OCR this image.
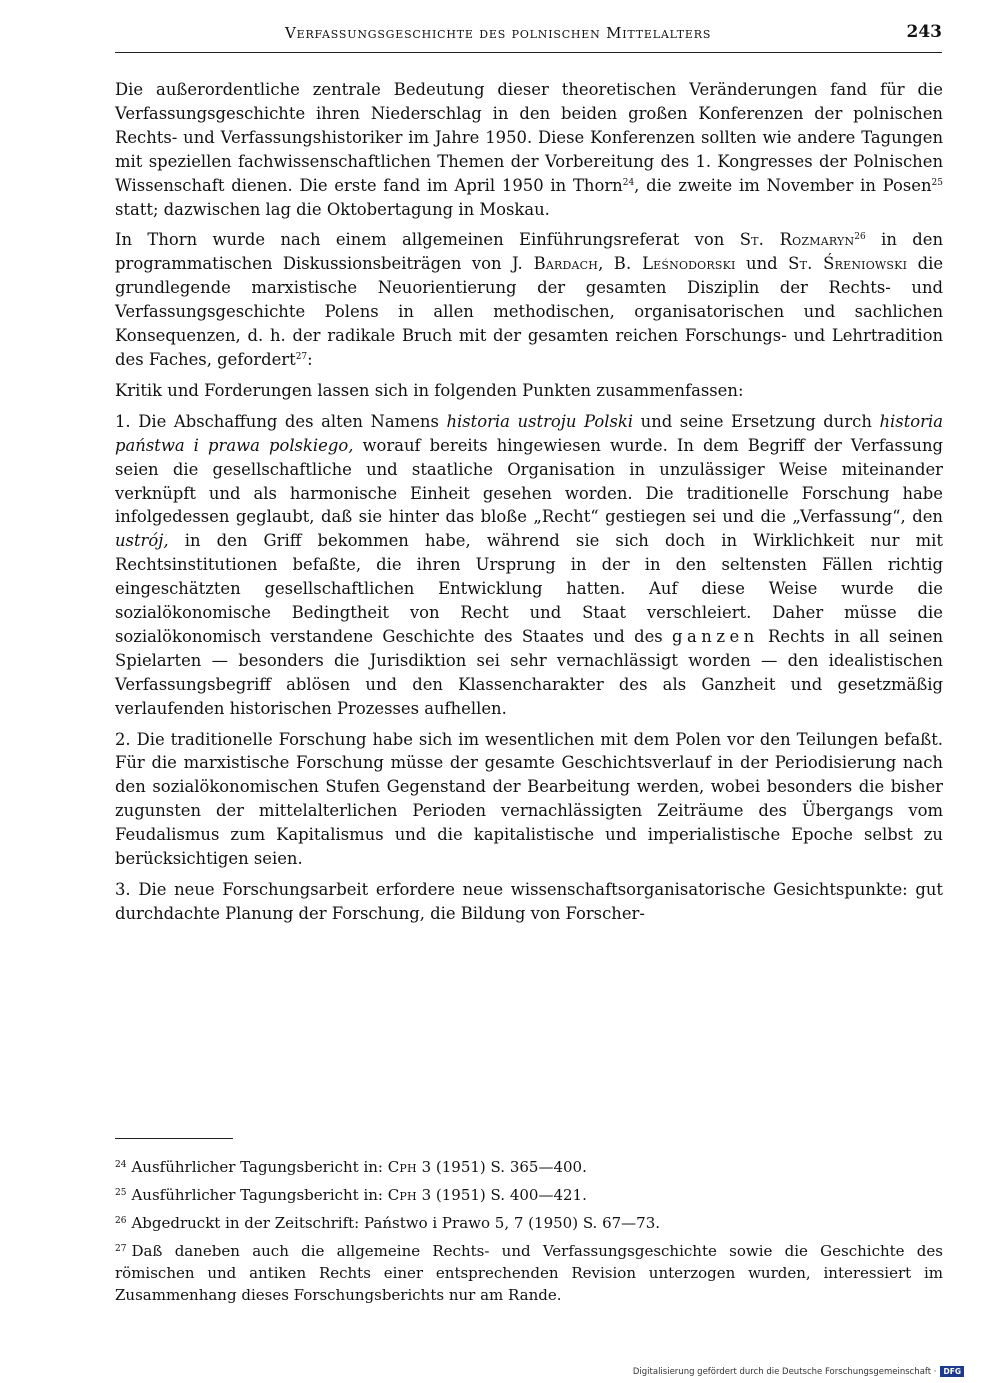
Verfassungsgeschichte des polnischen Mittelalters	243

Die außerordentliche zentrale Bedeutung dieser theoretischen Veränderungen fand für die Verfassungsgeschichte ihren Niederschlag in den beiden großen Konferenzen der polnischen Rechts- und Verfassungshistoriker im Jahre 1950. Diese Konferenzen sollten wie andere Tagungen mit speziellen fachwissenschaftlichen Themen der Vorbereitung des 1. Kongresses der Polnischen Wissenschaft dienen. Die erste fand im April 1950 in Thorn$^{24}$, die zweite im November in Posen$^{25}$ statt; dazwischen lag die Oktobertagung in Moskau.

In Thorn wurde nach einem allgemeinen Einführungsreferat von St. Rozmaryn$^{26}$ in den programmatischen Diskussionsbeiträgen von J. Bardach, B. Leśnodorski und St. Śreniowski die grundlegende marxistische Neuorientierung der gesamten Disziplin der Rechts- und Verfassungsgeschichte Polens in allen methodischen, organisatorischen und sachlichen Konsequenzen, d. h. der radikale Bruch mit der gesamten reichen Forschungs- und Lehrtradition des Faches, gefordert$^{27}$:

Kritik und Forderungen lassen sich in folgenden Punkten zusammenfassen:

1. Die Abschaffung des alten Namens historia ustroju Polski und seine Ersetzung durch historia państwa i prawa polskiego, worauf bereits hingewiesen wurde. In dem Begriff der Verfassung seien die gesellschaftliche und staatliche Organisation in unzulässiger Weise miteinander verknüpft und als harmonische Einheit gesehen worden. Die traditionelle Forschung habe infolgedessen geglaubt, daß sie hinter das bloße „Recht“ gestiegen sei und die „Verfassung“, den ustrój, in den Griff bekommen habe, während sie sich doch in Wirklichkeit nur mit Rechtsinstitutionen befaßte, die ihren Ursprung in der in den seltensten Fällen richtig eingeschätzten gesellschaftlichen Entwicklung hatten. Auf diese Weise wurde die sozialökonomische Bedingtheit von Recht und Staat verschleiert. Daher müsse die sozialökonomisch verstandene Geschichte des Staates und des ganzen Rechts in all seinen Spielarten — besonders die Jurisdiktion sei sehr vernachlässigt worden — den idealistischen Verfassungsbegriff ablösen und den Klassencharakter des als Ganzheit und gesetzmäßig verlaufenden historischen Prozesses aufhellen.

2. Die traditionelle Forschung habe sich im wesentlichen mit dem Polen vor den Teilungen befaßt. Für die marxistische Forschung müsse der gesamte Geschichtsverlauf in der Periodisierung nach den sozialökonomischen Stufen Gegenstand der Bearbeitung werden, wobei besonders die bisher zugunsten der mittelalterlichen Perioden vernachlässigten Zeiträume des Übergangs vom Feudalismus zum Kapitalismus und die kapitalistische und imperialistische Epoche selbst zu berücksichtigen seien.

3. Die neue Forschungsarbeit erfordere neue wissenschaftsorganisatorische Gesichtspunkte: gut durchdachte Planung der Forschung, die Bildung von Forscher-

$^{24}$ Ausführlicher Tagungsbericht in: Cph 3 (1951) S. 365—400.
$^{25}$ Ausführlicher Tagungsbericht in: Cph 3 (1951) S. 400—421.
$^{26}$ Abgedruckt in der Zeitschrift: Państwo i Prawo 5, 7 (1950) S. 67—73.
$^{27}$ Daß daneben auch die allgemeine Rechts- und Verfassungsgeschichte sowie die Geschichte des römischen und antiken Rechts einer entsprechenden Revision unterzogen wurden, interessiert im Zusammenhang dieses Forschungsberichts nur am Rande.
Digitalisierung gefördert durch die Deutsche Forschungsgemeinschaft · DFG
